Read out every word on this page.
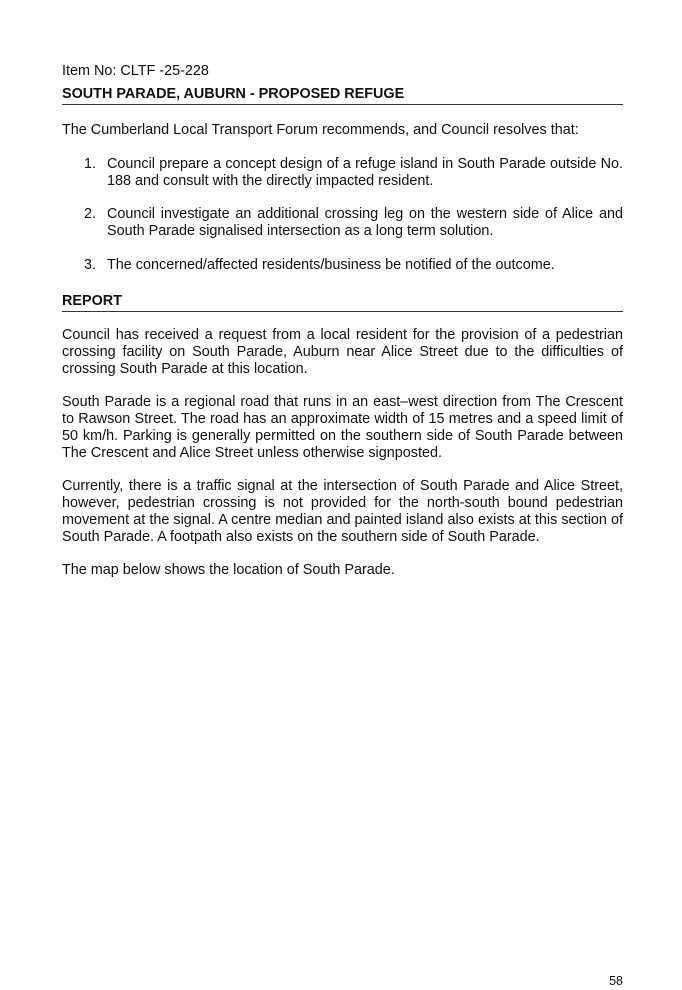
Item No: CLTF -25-228
SOUTH PARADE, AUBURN - PROPOSED REFUGE
The Cumberland Local Transport Forum recommends, and Council resolves that:
1. Council prepare a concept design of a refuge island in South Parade outside No. 188 and consult with the directly impacted resident.
2. Council investigate an additional crossing leg on the western side of Alice and South Parade signalised intersection as a long term solution.
3. The concerned/affected residents/business be notified of the outcome.
REPORT

Council has received a request from a local resident for the provision of a pedestrian crossing facility on South Parade, Auburn near Alice Street due to the difficulties of crossing South Parade at this location.

South Parade is a regional road that runs in an east–west direction from The Crescent to Rawson Street. The road has an approximate width of 15 metres and a speed limit of 50 km/h. Parking is generally permitted on the southern side of South Parade between The Crescent and Alice Street unless otherwise signposted.

Currently, there is a traffic signal at the intersection of South Parade and Alice Street, however, pedestrian crossing is not provided for the north-south bound pedestrian movement at the signal. A centre median and painted island also exists at this section of South Parade. A footpath also exists on the southern side of South Parade.

The map below shows the location of South Parade.

58
